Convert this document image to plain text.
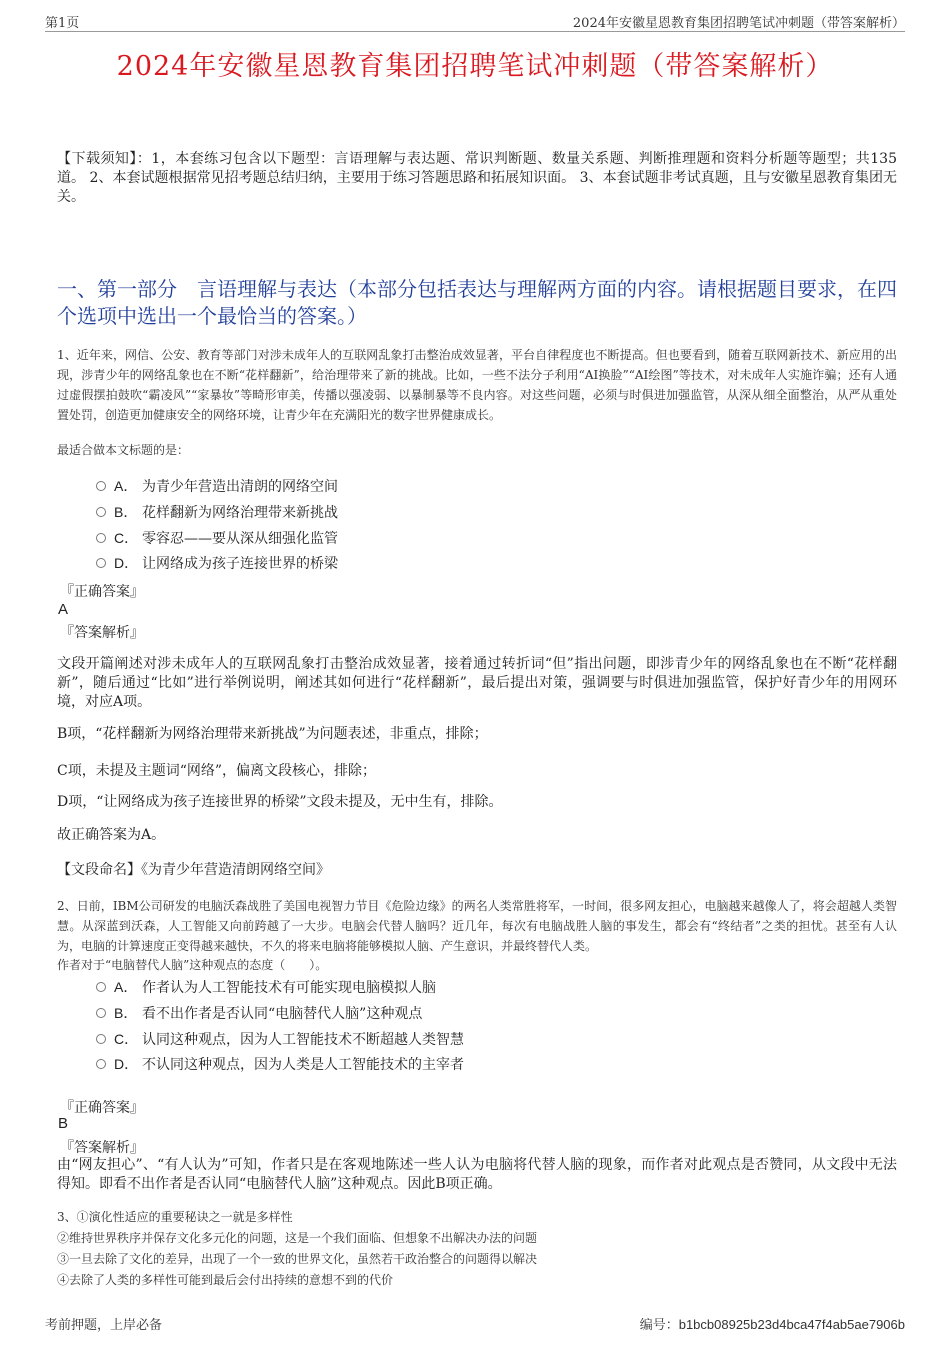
第1页	2024年安徽星恩教育集团招聘笔试冲刺题（带答案解析）
2024年安徽星恩教育集团招聘笔试冲刺题（带答案解析）
【下载须知】：1，本套练习包含以下题型：言语理解与表达题、常识判断题、数量关系题、判断推理题和资料分析题等题型；共135道。 2、本套试题根据常见招考题总结归纳，主要用于练习答题思路和拓展知识面。 3、本套试题非考试真题，且与安徽星恩教育集团无关。
一、第一部分　言语理解与表达（本部分包括表达与理解两方面的内容。请根据题目要求，在四个选项中选出一个最恰当的答案。）
1、近年来，网信、公安、教育等部门对涉未成年人的互联网乱象打击整治成效显著，平台自律程度也不断提高。但也要看到，随着互联网新技术、新应用的出现，涉青少年的网络乱象也在不断“花样翻新”，给治理带来了新的挑战。比如，一些不法分子利用“AI换脸”“AI绘图”等技术，对未成年人实施诈骗；还有人通过虚假摆拍鼓吹“霸凌风”“家暴妆”等畸形审美，传播以强凌弱、以暴制暴等不良内容。对这些问题，必须与时俱进加强监管，从深从细全面整治，从严从重处置处罚，创造更加健康安全的网络环境，让青少年在充满阳光的数字世界健康成长。
最适合做本文标题的是：
A． 为青少年营造出清朗的网络空间
B． 花样翻新为网络治理带来新挑战
C． 零容忍——要从深从细强化监管
D． 让网络成为孩子连接世界的桥梁
『正确答案』
A
『答案解析』
文段开篇阐述对涉未成年人的互联网乱象打击整治成效显著，接着通过转折词“但”指出问题，即涉青少年的网络乱象也在不断“花样翻新”，随后通过“比如”进行举例说明，阐述其如何进行“花样翻新”，最后提出对策，强调要与时俱进加强监管，保护好青少年的用网环境，对应A项。
B项，“花样翻新为网络治理带来新挑战”为问题表述，非重点，排除；
C项，未提及主题词“网络”，偏离文段核心，排除；
D项，“让网络成为孩子连接世界的桥梁”文段未提及，无中生有，排除。
故正确答案为A。
【文段命名】《为青少年营造清朗网络空间》
2、日前，IBM公司研发的电脑沃森战胜了美国电视智力节目《危险边缘》的两名人类常胜将军，一时间，很多网友担心，电脑越来越像人了，将会超越人类智慧。从深蓝到沃森，人工智能又向前跨越了一大步。电脑会代替人脑吗？近几年，每次有电脑战胜人脑的事发生，都会有“终结者”之类的担忧。甚至有人认为，电脑的计算速度正变得越来越快，不久的将来电脑将能够模拟人脑、产生意识，并最终替代人类。
作者对于“电脑替代人脑”这种观点的态度（　　）。
A． 作者认为人工智能技术有可能实现电脑模拟人脑
B． 看不出作者是否认同“电脑替代人脑”这种观点
C． 认同这种观点，因为人工智能技术不断超越人类智慧
D． 不认同这种观点，因为人类是人工智能技术的主宰者
『正确答案』
B
『答案解析』
由“网友担心”、“有人认为”可知，作者只是在客观地陈述一些人认为电脑将代替人脑的现象，而作者对此观点是否赞同，从文段中无法得知。即看不出作者是否认同“电脑替代人脑”这种观点。因此B项正确。
3、①演化性适应的重要秘诀之一就是多样性
②维持世界秩序并保存文化多元化的问题，这是一个我们面临、但想象不出解决办法的问题
③一旦去除了文化的差异，出现了一个一致的世界文化，虽然若干政治整合的问题得以解决
④去除了人类的多样性可能到最后会付出持续的意想不到的代价
考前押题，上岸必备	编号：b1bcb08925b23d4bca47f4ab5ae7906b
